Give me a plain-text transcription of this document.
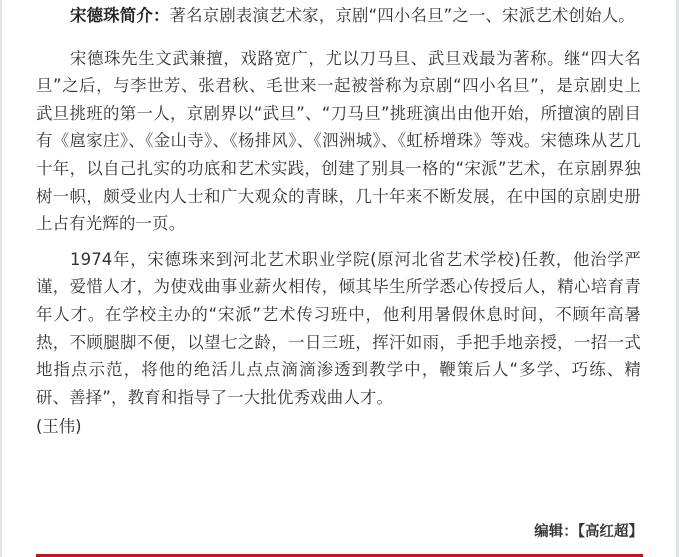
宋德珠简介：著名京剧表演艺术家，京剧“四小名旦”之一、宋派艺术创始人。

宋德珠先生文武兼擅，戏路宽广，尤以刀马旦、武旦戏最为著称。继“四大名旦”之后，与李世芳、张君秋、毛世来一起被誉称为京剧“四小名旦”，是京剧史上武旦挑班的第一人，京剧界以“武旦”、“刀马旦”挑班演出由他开始，所擅演的剧目有《扈家庄》、《金山寺》、《杨排风》、《泗洲城》、《虹桥增珠》等戏。宋德珠从艺几十年，以自己扎实的功底和艺术实践，创建了别具一格的“宋派”艺术，在京剧界独树一帜，颇受业内人士和广大观众的青睐，几十年来不断发展，在中国的京剧史册上占有光辉的一页。

1974年，宋德珠来到河北艺术职业学院(原河北省艺术学校)任教，他治学严谨，爱惜人才，为使戏曲事业薪火相传，倾其毕生所学悉心传授后人，精心培育青年人才。在学校主办的“宋派”艺术传习班中，他利用暑假休息时间，不顾年高暑热，不顾腿脚不便，以望七之龄，一日三班，挥汗如雨，手把手地亲授，一招一式地指点示范，将他的绝活儿点点滴滴渗透到教学中，鞭策后人“多学、巧练、精研、善择”，教育和指导了一大批优秀戏曲人才。

(王伟)

编辑：【高红超】
